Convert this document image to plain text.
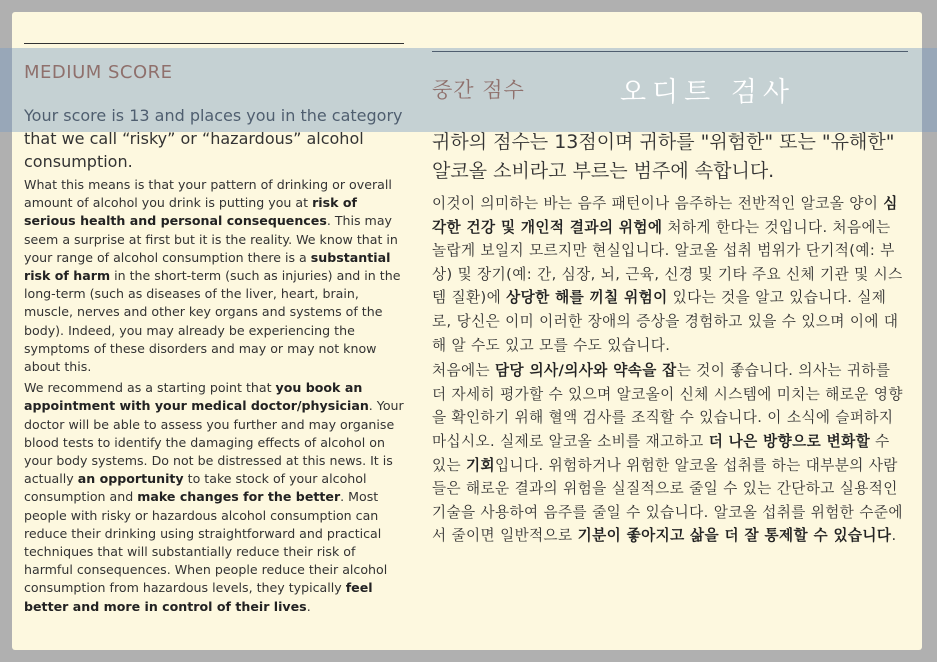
MEDIUM SCORE

Your score is 13 and places you in the category that we call “risky” or “hazardous” alcohol consumption.

What this means is that your pattern of drinking or overall amount of alcohol you drink is putting you at risk of serious health and personal consequences. This may seem a surprise at first but it is the reality. We know that in your range of alcohol consumption there is a substantial risk of harm in the short-term (such as injuries) and in the long-term (such as diseases of the liver, heart, brain, muscle, nerves and other key organs and systems of the body). Indeed, you may already be experiencing the symptoms of these disorders and may or may not know about this.

We recommend as a starting point that you book an appointment with your medical doctor/physician. Your doctor will be able to assess you further and may organise blood tests to identify the damaging effects of alcohol on your body systems. Do not be distressed at this news. It is actually an opportunity to take stock of your alcohol consumption and make changes for the better. Most people with risky or hazardous alcohol consumption can reduce their drinking using straightforward and practical techniques that will substantially reduce their risk of harmful consequences. When people reduce their alcohol consumption from hazardous levels, they typically feel better and more in control of their lives.

중간 점수

귀하의 점수는 13점이며 귀하를 "위험한" 또는 "유해한" 알코올 소비라고 부르는 범주에 속합니다.

이것이 의미하는 바는 음주 패턴이나 음주하는 전반적인 알코올 양이 심각한 건강 및 개인적 결과의 위험에 처하게 한다는 것입니다. 처음에는 놀랍게 보일지 모르지만 현실입니다. 알코올 섭취 범위가 단기적(예: 부상) 및 장기(예: 간, 심장, 뇌, 근육, 신경 및 기타 주요 신체 기관 및 시스템 질환)에 상당한 해를 끼칠 위험이 있다는 것을 알고 있습니다. 실제로, 당신은 이미 이러한 장애의 증상을 경험하고 있을 수 있으며 이에 대해 알 수도 있고 모를 수도 있습니다.

처음에는 담당 의사/의사와 약속을 잡는 것이 좋습니다. 의사는 귀하를 더 자세히 평가할 수 있으며 알코올이 신체 시스템에 미치는 해로운 영향을 확인하기 위해 혈액 검사를 조직할 수 있습니다. 이 소식에 슬퍼하지 마십시오. 실제로 알코올 소비를 재고하고 더 나은 방향으로 변화할 수 있는 기회입니다. 위험하거나 위험한 알코올 섭취를 하는 대부분의 사람들은 해로운 결과의 위험을 실질적으로 줄일 수 있는 간단하고 실용적인 기술을 사용하여 음주를 줄일 수 있습니다. 알코올 섭취를 위험한 수준에서 줄이면 일반적으로 기분이 좋아지고 삶을 더 잘 통제할 수 있습니다.

오디트 검사
